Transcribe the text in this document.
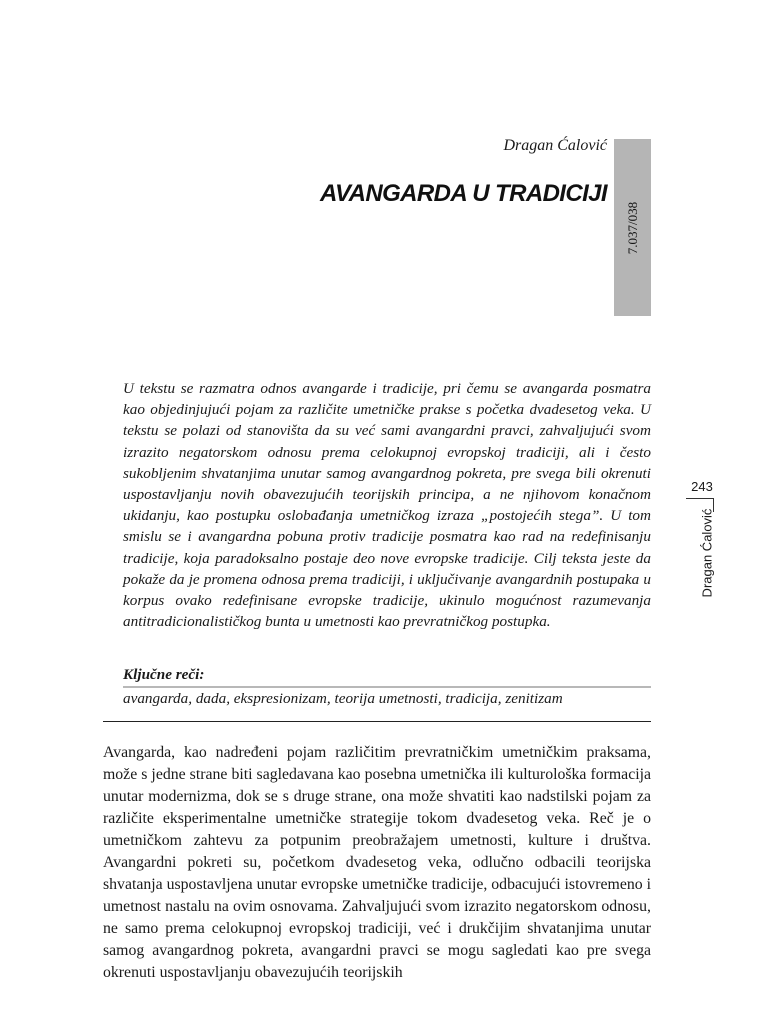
Dragan Ćalović
AVANGARDA U TRADICIJI
7.037/038

U tekstu se razmatra odnos avangarde i tradicije, pri čemu se avangarda posmatra kao objedinjujući pojam za različite umetničke prakse s početka dvadesetog veka. U tekstu se polazi od stanovišta da su već sami avangardni pravci, zahvaljujući svom izrazito negatorskom odnosu prema celokupnoj evropskoj tradiciji, ali i često sukobljenim shvatanjima unutar samog avangardnog pokreta, pre svega bili okrenuti uspostavljanju novih obavezujućih teorijskih principa, a ne njihovom konačnom ukidanju, kao postupku oslobađanja umetničkog izraza „postojećih stega”. U tom smislu se i avangardna pobuna protiv tradicije posmatra kao rad na redefinisanju tradicije, koja paradoksalno postaje deo nove evropske tradicije. Cilj teksta jeste da pokaže da je promena odnosa prema tradiciji, i uključivanje avangardnih postupaka u korpus ovako redefinisane evropske tradicije, ukinulo mogućnost razumevanja antitradicionalističkog bunta u umetnosti kao prevratničkog postupka.

Ključne reči:
avangarda, dada, ekspresionizam, teorija umetnosti, tradicija, zenitizam

Avangarda, kao nadređeni pojam različitim prevratničkim umetničkim praksama, može s jedne strane biti sagledavana kao posebna umetnička ili kulturološka formacija unutar modernizma, dok se s druge strane, ona može shvatiti kao nadstilski pojam za različite eksperimentalne umetničke strategije tokom dvadesetog veka. Reč je o umetničkom zahtevu za potpunim preobražajem umetnosti, kulture i društva. Avangardni pokreti su, početkom dvadesetog veka, odlučno odbacili teorijska shvatanja uspostavljena unutar evropske umetničke tradicije, odbacujući istovremeno i umetnost nastalu na ovim osnovama. Zahvaljujući svom izrazito negatorskom odnosu, ne samo prema celokupnoj evropskoj tradiciji, već i drukčijim shvatanjima unutar samog avangardnog pokreta, avangardni pravci se mogu sagledati kao pre svega okrenuti uspostavljanju obavezujućih teorijskih

243
Dragan Ćalović
